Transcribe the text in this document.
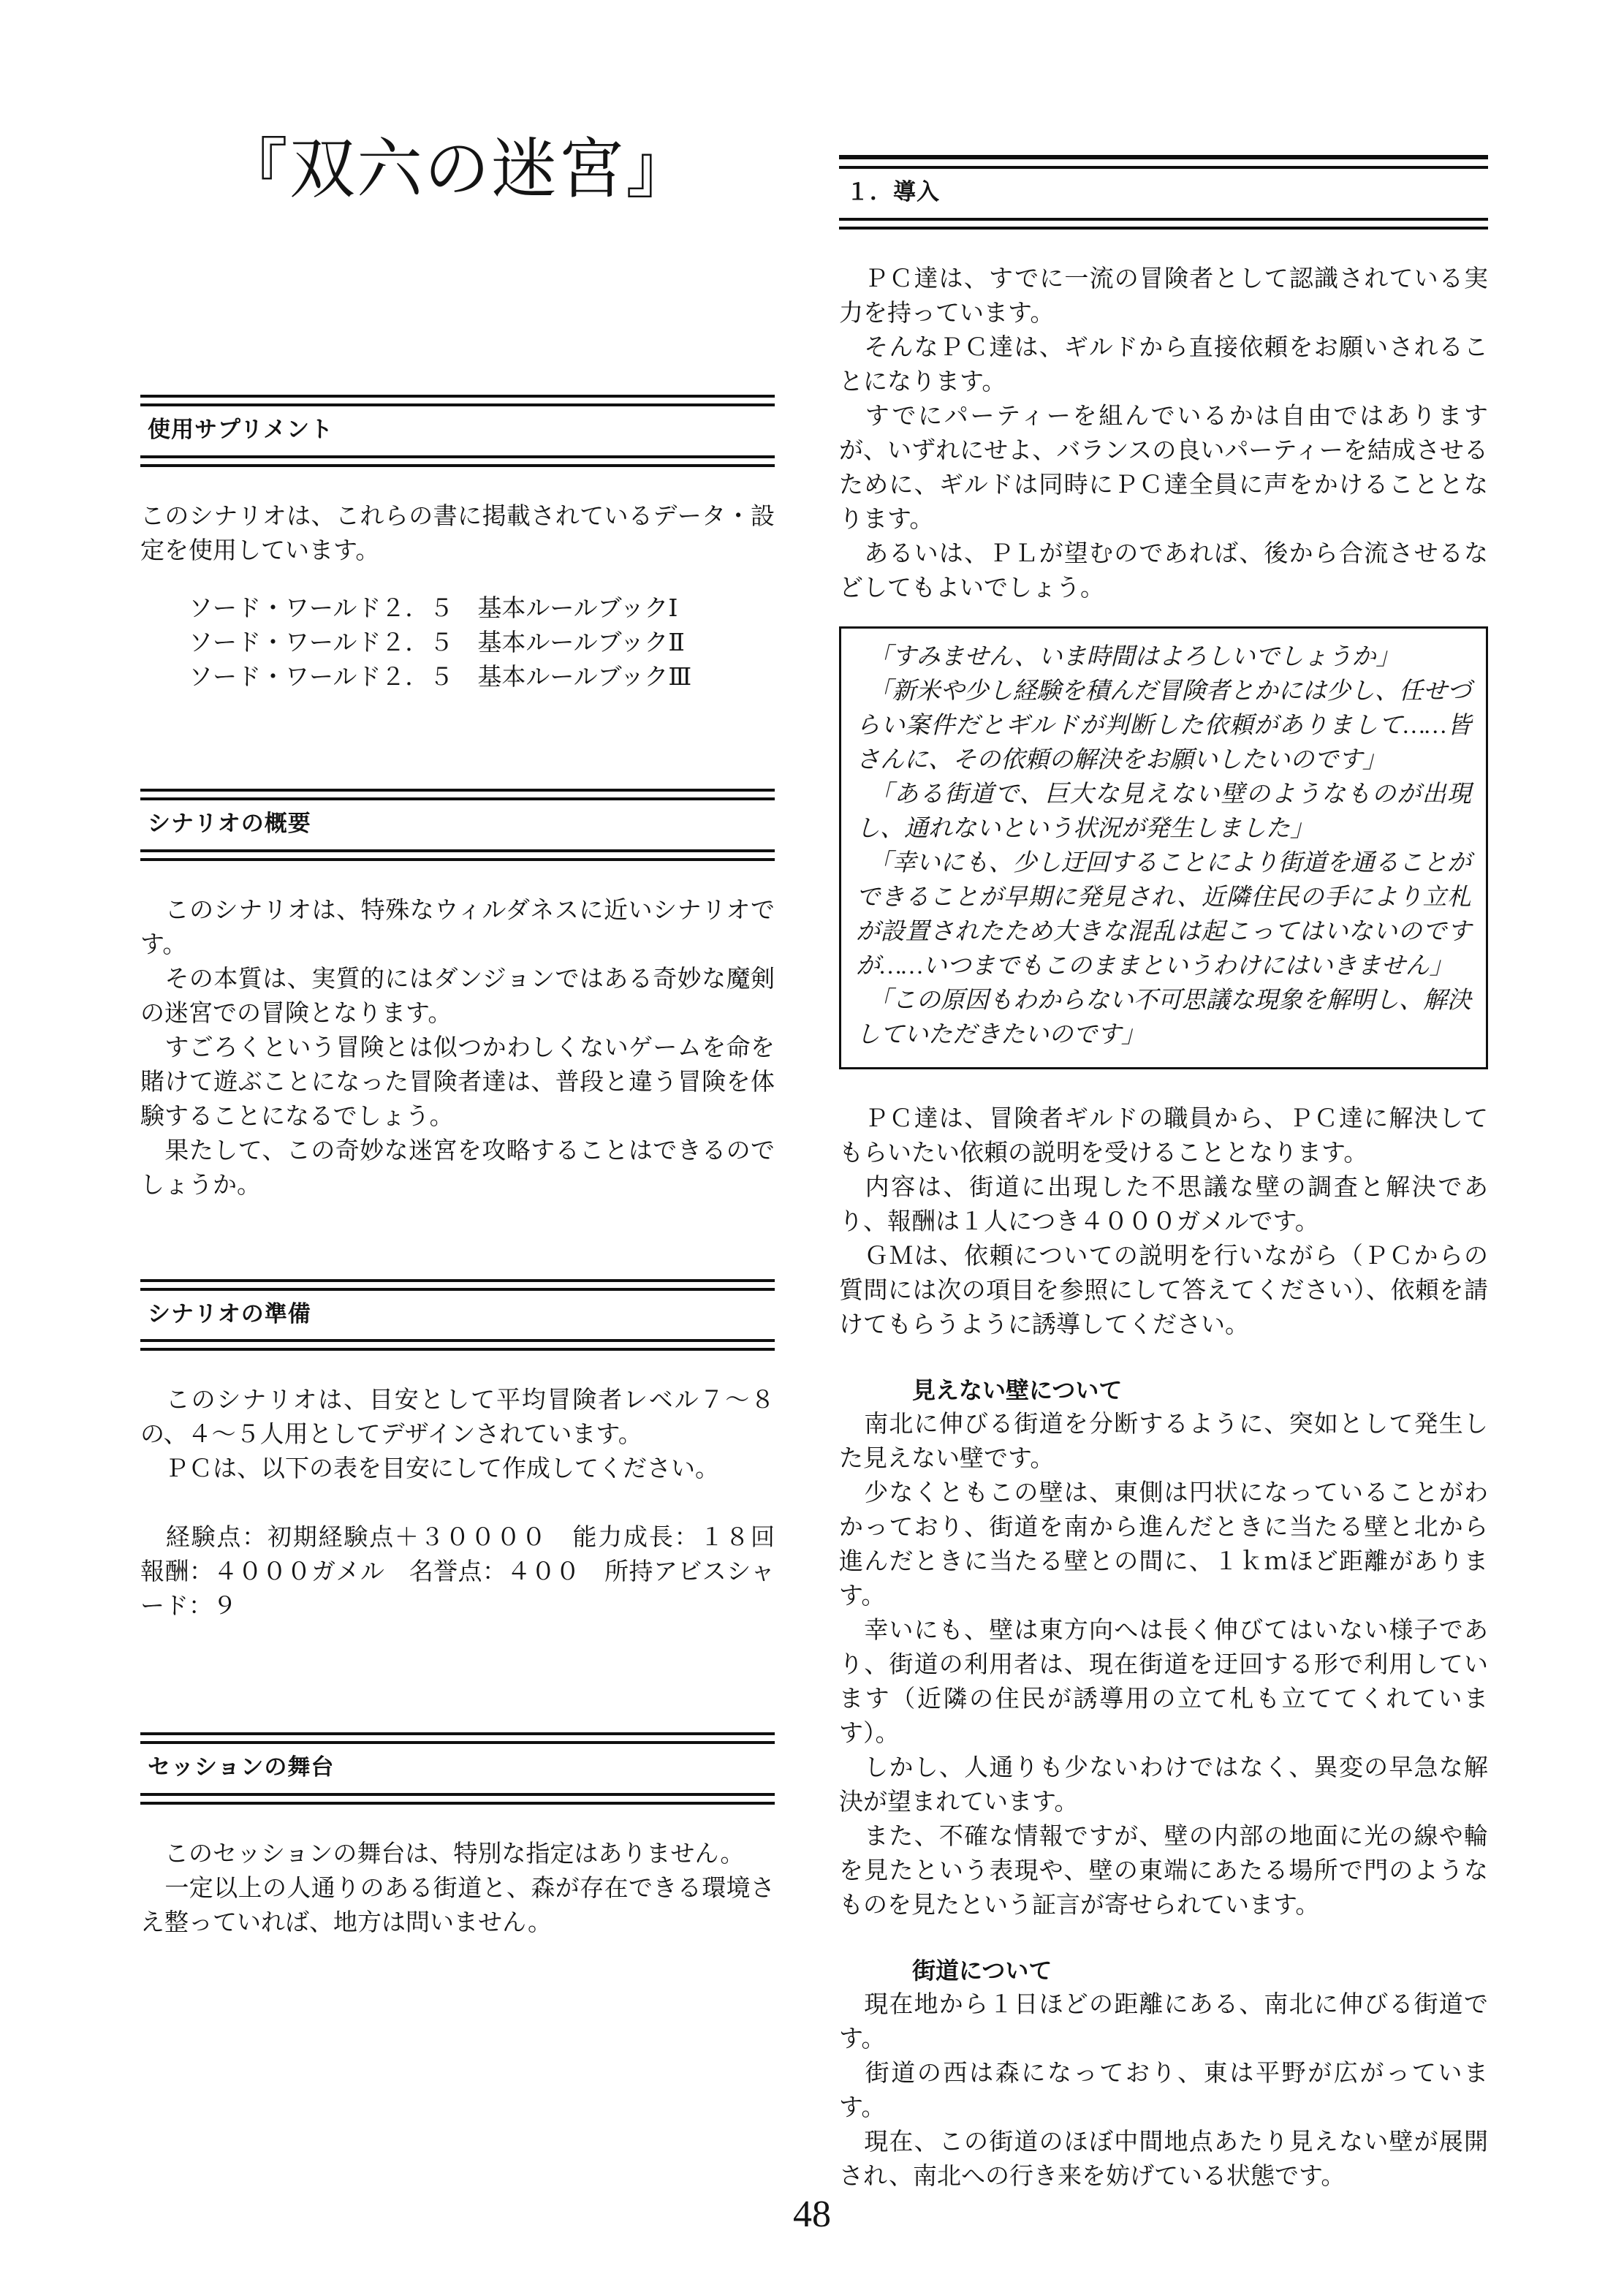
『双六の迷宮』
使用サプリメント

このシナリオは、これらの書に掲載されているデータ・設定を使用しています。

ソード・ワールド２．５　基本ルールブックⅠ

ソード・ワールド２．５　基本ルールブックⅡ

ソード・ワールド２．５　基本ルールブックⅢ

シナリオの概要

　このシナリオは、特殊なウィルダネスに近いシナリオです。

　その本質は、実質的にはダンジョンではある奇妙な魔剣の迷宮での冒険となります。

　すごろくという冒険とは似つかわしくないゲームを命を賭けて遊ぶことになった冒険者達は、普段と違う冒険を体験することになるでしょう。

　果たして、この奇妙な迷宮を攻略することはできるのでしょうか。

シナリオの準備

　このシナリオは、目安として平均冒険者レベル７～８の、４～５人用としてデザインされています。

　ＰＣは、以下の表を目安にして作成してください。

　経験点：初期経験点＋３００００　能力成長：１８回　報酬：４０００ガメル　名誉点：４００　所持アビスシャード：９

セッションの舞台

　このセッションの舞台は、特別な指定はありません。

　一定以上の人通りのある街道と、森が存在できる環境さえ整っていれば、地方は問いません。

１．導入

　ＰＣ達は、すでに一流の冒険者として認識されている実力を持っています。

　そんなＰＣ達は、ギルドから直接依頼をお願いされることになります。

　すでにパーティーを組んでいるかは自由ではありますが、いずれにせよ、バランスの良いパーティーを結成させるために、ギルドは同時にＰＣ達全員に声をかけることとなります。

　あるいは、ＰＬが望むのであれば、後から合流させるなどしてもよいでしょう。

　「すみません、いま時間はよろしいでしょうか」

　「新米や少し経験を積んだ冒険者とかには少し、任せづらい案件だとギルドが判断した依頼がありまして……皆さんに、その依頼の解決をお願いしたいのです」

　「ある街道で、巨大な見えない壁のようなものが出現し、通れないという状況が発生しました」

　「幸いにも、少し迂回することにより街道を通ることができることが早期に発見され、近隣住民の手により立札が設置されたため大きな混乱は起こってはいないのですが……いつまでもこのままというわけにはいきません」

　「この原因もわからない不可思議な現象を解明し、解決していただきたいのです」

　ＰＣ達は、冒険者ギルドの職員から、ＰＣ達に解決してもらいたい依頼の説明を受けることとなります。

　内容は、街道に出現した不思議な壁の調査と解決であり、報酬は１人につき４０００ガメルです。

　ＧＭは、依頼についての説明を行いながら（ＰＣからの質問には次の項目を参照にして答えてください）、依頼を請けてもらうように誘導してください。

見えない壁について

　南北に伸びる街道を分断するように、突如として発生した見えない壁です。

　少なくともこの壁は、東側は円状になっていることがわかっており、街道を南から進んだときに当たる壁と北から進んだときに当たる壁との間に、１ｋｍほど距離があります。

　幸いにも、壁は東方向へは長く伸びてはいない様子であり、街道の利用者は、現在街道を迂回する形で利用しています（近隣の住民が誘導用の立て札も立ててくれています）。

　しかし、人通りも少ないわけではなく、異変の早急な解決が望まれています。

　また、不確な情報ですが、壁の内部の地面に光の線や輪を見たという表現や、壁の東端にあたる場所で門のようなものを見たという証言が寄せられています。

街道について

　現在地から１日ほどの距離にある、南北に伸びる街道です。

　街道の西は森になっており、東は平野が広がっています。

　現在、この街道のほぼ中間地点あたり見えない壁が展開され、南北への行き来を妨げている状態です。

48
